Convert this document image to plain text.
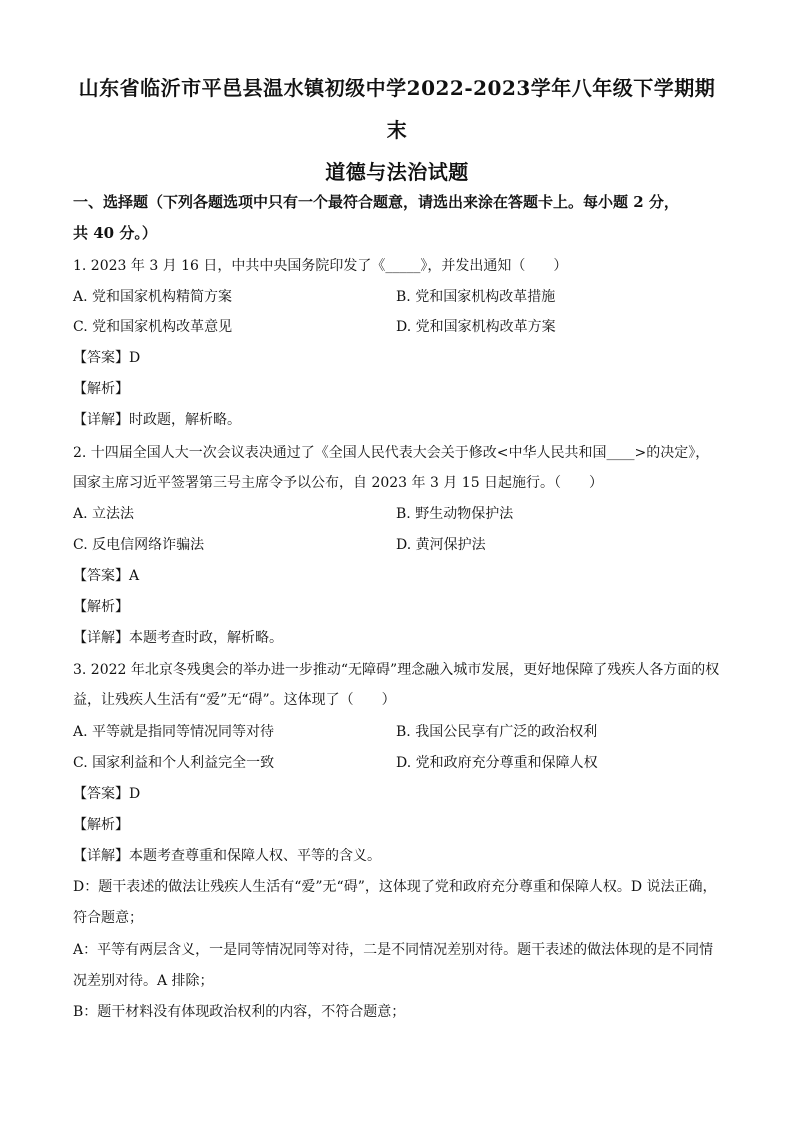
山东省临沂市平邑县温水镇初级中学2022-2023学年八年级下学期期
末
道德与法治试题
一、选择题（下列各题选项中只有一个最符合题意，请选出来涂在答题卡上。每小题 2 分，
共 40 分。）
1. 2023 年 3 月 16 日，中共中央国务院印发了《_____》，并发出通知（　　）
A. 党和国家机构精简方案	B. 党和国家机构改革措施
C. 党和国家机构改革意见	D. 党和国家机构改革方案
【答案】D
【解析】
【详解】时政题，解析略。
2. 十四届全国人大一次会议表决通过了《全国人民代表大会关于修改<中华人民共和国____>的决定》，
国家主席习近平签署第三号主席令予以公布，自 2023 年 3 月 15 日起施行。（　　）
A. 立法法	B. 野生动物保护法
C. 反电信网络诈骗法	D. 黄河保护法
【答案】A
【解析】
【详解】本题考查时政，解析略。
3. 2022 年北京冬残奥会的举办进一步推动“无障碍”理念融入城市发展，更好地保障了残疾人各方面的权
益，让残疾人生活有“爱”无“碍”。这体现了（　　）
A. 平等就是指同等情况同等对待	B. 我国公民享有广泛的政治权利
C. 国家利益和个人利益完全一致	D. 党和政府充分尊重和保障人权
【答案】D
【解析】
【详解】本题考查尊重和保障人权、平等的含义。
D：题干表述的做法让残疾人生活有“爱”无“碍”，这体现了党和政府充分尊重和保障人权。D 说法正确，
符合题意；
A：平等有两层含义，一是同等情况同等对待，二是不同情况差别对待。题干表述的做法体现的是不同情
况差别对待。A 排除；
B：题干材料没有体现政治权利的内容，不符合题意；
